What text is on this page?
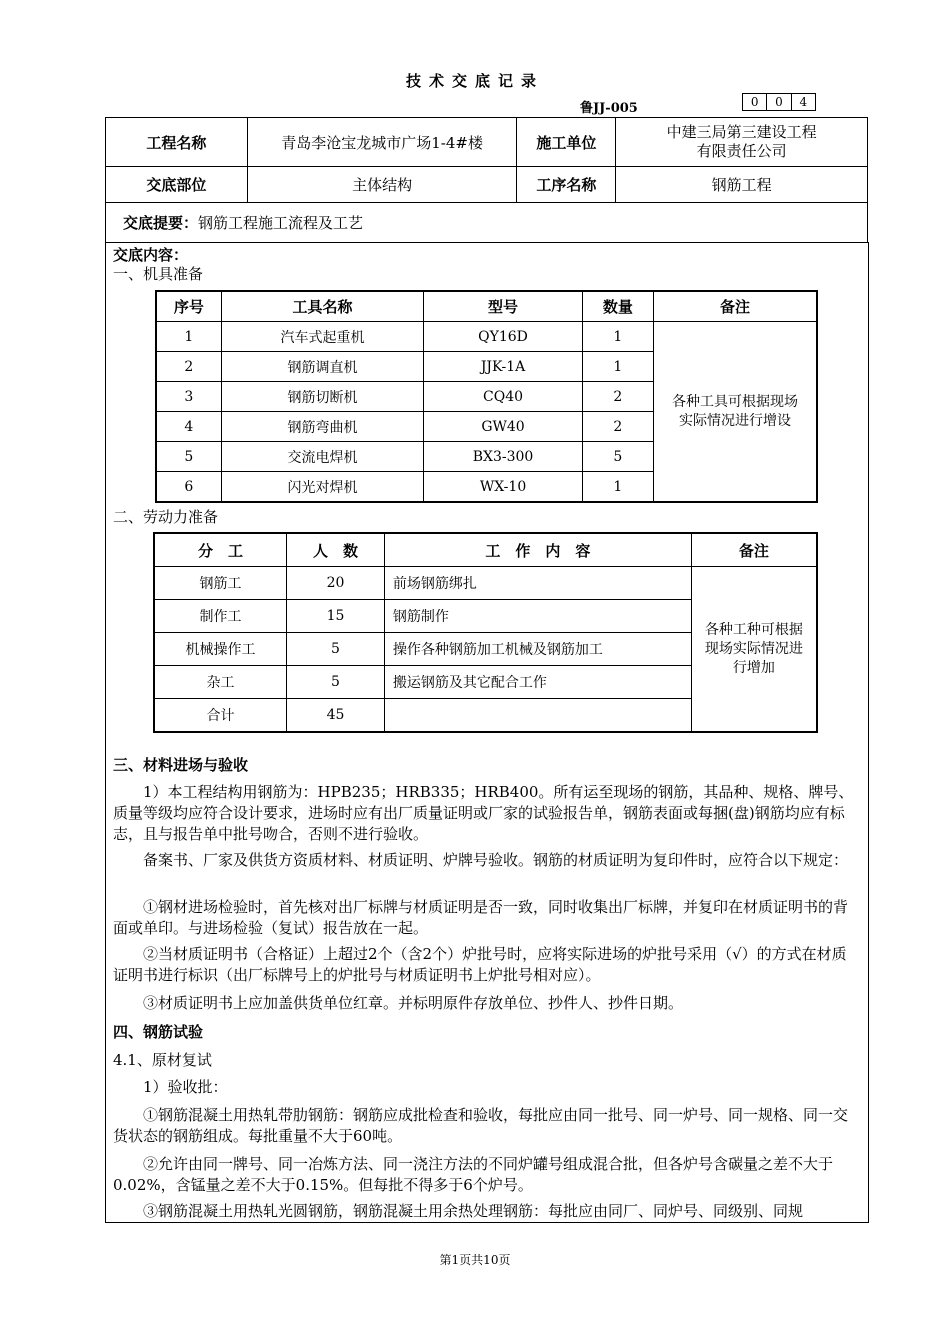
技术交底记录
鲁JJ-005	0	0	4
工程名称	青岛李沧宝龙城市广场1-4#楼	施工单位	中建三局第三建设工程
有限责任公司

交底部位	主体结构	工序名称	钢筋工程
交底提要：钢筋工程施工流程及工艺			
交底内容：
一、机具准备
序号	工具名称	型号	数量	备注
1	汽车式起重机	QY16D	1	各种工具可根据现场实际情况进行增设
2	钢筋调直机	JJK-1A	1	
3	钢筋切断机	CQ40	2	
4	钢筋弯曲机	GW40	2	
5	交流电焊机	BX3-300	5	
6	闪光对焊机	WX-10	1	
二、劳动力准备
分　工	人　数	工　作　内　容	备注
钢筋工	20	前场钢筋绑扎	各种工种可根据现场实际情况进行增加
制作工	15	钢筋制作	
机械操作工	5	操作各种钢筋加工机械及钢筋加工	
杂工	5	搬运钢筋及其它配合工作	
合计	45		
三、材料进场与验收
1）本工程结构用钢筋为：HPB235；HRB335；HRB400。所有运至现场的钢筋，其品种、规格、牌号、质量等级均应符合设计要求，进场时应有出厂质量证明或厂家的试验报告单，钢筋表面或每捆(盘)钢筋均应有标志，且与报告单中批号吻合，否则不进行验收。
备案书、厂家及供货方资质材料、材质证明、炉牌号验收。钢筋的材质证明为复印件时，应符合以下规定：
①钢材进场检验时，首先核对出厂标牌与材质证明是否一致，同时收集出厂标牌，并复印在材质证明书的背面或单印。与进场检验（复试）报告放在一起。
②当材质证明书（合格证）上超过2个（含2个）炉批号时，应将实际进场的炉批号采用（√）的方式在材质证明书进行标识（出厂标牌号上的炉批号与材质证明书上炉批号相对应）。
③材质证明书上应加盖供货单位红章。并标明原件存放单位、抄件人、抄件日期。
四、钢筋试验
4.1、原材复试
1）验收批：
①钢筋混凝土用热轧带肋钢筋：钢筋应成批检查和验收，每批应由同一批号、同一炉号、同一规格、同一交货状态的钢筋组成。每批重量不大于60吨。
②允许由同一牌号、同一冶炼方法、同一浇注方法的不同炉罐号组成混合批，但各炉号含碳量之差不大于0.02%，含锰量之差不大于0.15%。但每批不得多于6个炉号。
③钢筋混凝土用热轧光圆钢筋，钢筋混凝土用余热处理钢筋：每批应由同厂、同炉号、同级别、同规
第1页共10页
